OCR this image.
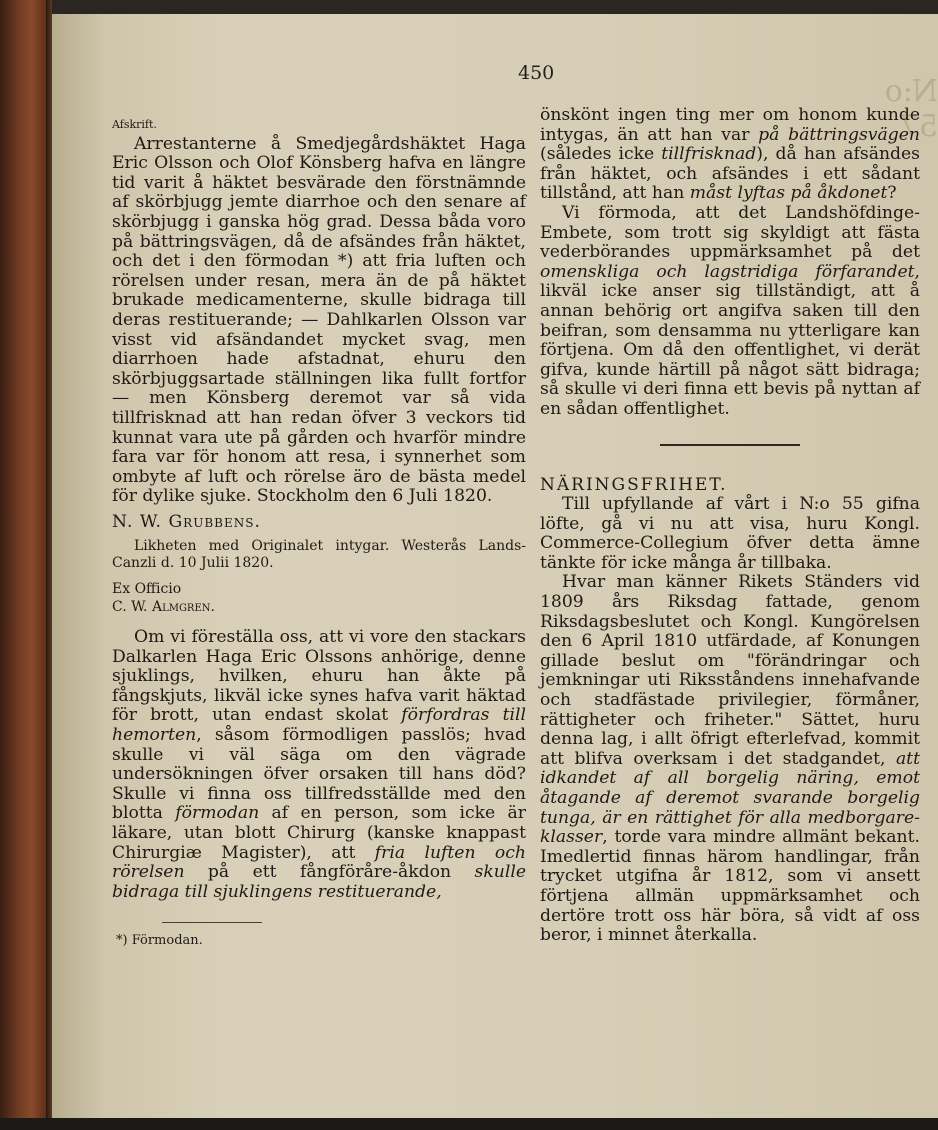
N:o 57
450

Afskrift.

Arrestanterne å Smedjegårdshäktet Haga Eric Olsson och Olof Könsberg hafva en längre tid varit å häktet besvärade den förstnämnde af skörbjugg jemte diarrhoe och den senare af skörbjugg i ganska hög grad. Dessa båda voro på bättringsvägen, då de afsändes från häktet, och det i den förmodan *) att fria luften och rörelsen under resan, mera än de på häktet brukade medicamenterne, skulle bidraga till deras restituerande; — Dahlkarlen Olsson var visst vid afsändandet mycket svag, men diarrhoen hade afstadnat, ehuru den skörbjuggsartade ställningen lika fullt fortfor — men Könsberg deremot var så vida tillfrisknad att han redan öfver 3 veckors tid kunnat vara ute på gården och hvarför mindre fara var för honom att resa, i synnerhet som ombyte af luft och rörelse äro de bästa medel för dylike sjuke. Stockholm den 6 Juli 1820.

N. W. Grubbens.

Likheten med Originalet intygar. Westerås Lands-Canzli d. 10 Julii 1820.

Ex Officio

C. W. Almgren.

Om vi föreställa oss, att vi vore den stackars Dalkarlen Haga Eric Olssons anhörige, denne sjuklings, hvilken, ehuru han åkte på fångskjuts, likväl icke synes hafva varit häktad för brott, utan endast skolat förfordras till hemorten, såsom förmodligen passlös; hvad skulle vi väl säga om den vägrade undersökningen öfver orsaken till hans död? Skulle vi finna oss tillfredsställde med den blotta förmodan af en person, som icke är läkare, utan blott Chirurg (kanske knappast Chirurgiæ Magister), att fria luften och rörelsen på ett fångföråre-åkdon skulle bidraga till sjuklingens restituerande,

*) Förmodan.

önskönt ingen ting mer om honom kunde intygas, än att han var på bättringsvägen (således icke tillfrisknad), då han afsändes från häktet, och afsändes i ett sådant tillstånd, att han måst lyftas på åkdonet?

Vi förmoda, att det Landshöfdinge-Embete, som trott sig skyldigt att fästa vederbörandes uppmärksamhet på det omenskliga och lagstridiga förfarandet, likväl icke anser sig tillständigt, att å annan behörig ort angifva saken till den beifran, som densamma nu ytterligare kan förtjena. Om då den offentlighet, vi derät gifva, kunde härtill på något sätt bidraga; så skulle vi deri finna ett bevis på nyttan af en sådan offentlighet.

NÄRINGSFRIHET.

Till upfyllande af vårt i N:o 55 gifna löfte, gå vi nu att visa, huru Kongl. Commerce-Collegium öfver detta ämne tänkte för icke många år tillbaka.

Hvar man känner Rikets Ständers vid 1809 års Riksdag fattade, genom Riksdagsbeslutet och Kongl. Kungörelsen den 6 April 1810 utfärdade, af Konungen gillade beslut om "förändringar och jemkningar uti Riksståndens innehafvande och stadfästade privilegier, förmåner, rättigheter och friheter." Sättet, huru denna lag, i allt öfrigt efterlefvad, kommit att blifva overksam i det stadgandet, att idkandet af all borgelig näring, emot åtagande af deremot svarande borgelig tunga, är en rättighet för alla medborgare-klasser, torde vara mindre allmänt bekant. Imedlertid finnas härom handlingar, från trycket utgifna år 1812, som vi ansett förtjena allmän uppmärksamhet och dertöre trott oss här böra, så vidt af oss beror, i minnet återkalla.
